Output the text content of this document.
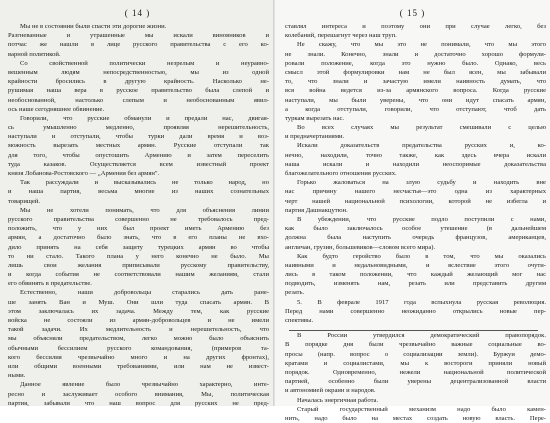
( 14 )
Мы не в состоянии были спасти эти дорогие жизни.
Разгневанные и утрашенные мы искали виновников и
потчас же нашли в лице русского правительства с его ко-
варной политикой.
Со свойственной политически незрелым и неуравно-
вешенным людям непосредственностью, мы из одной
крайности бросились в другую крайность. Насколько не-
рушимая наша вера в русское правительство была слепой и
необоснованной, настолько слепым и необоснованным явил-
ось наше сегодняшнее обвинение.
Говорили, что русские обманули и предали нас, двигая-
сь умышленно медленно, проявляя нерешительность,
наступали и отступали, чтобы турки дали время и воз-
можность вырезать местных армян. Русские отступали так
для того, чтобы опустошить Армению и затем переселить
туда казаков. Осуществляется всем известный проект
князя Лобанова-Ростовского — „Армения без армян".
Так рассуждали и высказывались не только народ, но
и наша партия, весьма многие из наших сознательных
товарищей.
Мы не хотели понимать, что для объяснения линии
русского правительства совершенно не требовалось пред-
положить, что у них был проект иметь Армению без
армян, а достаточно было знать, что в его планы не вхо-
дило принять на себя защиту турецких армян во чтобы
то ни стало. Такого плана у него конечно не было. Мы
лишь свои желания приписывали русскому правительству,
и когда события не соответствовали нашим желаниям, стали
его обвинять в предательстве.
Естественно, наши добровольцы старались дать ране-
ше занять Ван и Муш. Они шли туда спасать армян. В
этом заключалась их задача. Между тем, как русские
войска не состояли из армян-добровольцев и не имели
такой задачи. Их медлительность и нерешительность, что
мы объясняли предательством, легко можно было объяснить
обычными бессилием русского командования, (примеров та-
кого бессилия чрезвычайно много и на других фронтах),
или общими военными требованиями, или нам не извест-
ными.
Данное явление было чрезвычайно характерно, инте-
ресно и заслуживает особого внимания, Мы, политическая
партия, забывали что наш вопрос для русских не пред-
( 15 )
ставлял интереса и поэтому они при случае легко, без
колебаний, перешагнут через наш труп.
Не скажу, что мы это не понимали, что мы этого
не знали. Конечно, знали и достаточно хорошо формули-
ровали положение, когда это нужно было. Однако, весь
смысл этой формулировки нам не был ясен, мы забывали
то, что знали и зачастую имели наивность думать, что
вся война ведется из-за армянского вопроса. Когда русские
наступали, мы были уверены, что они идут спасать армян,
а когда отступали, говорили, что отступают, чтоб дать
туркам вырезать нас.
Во всех случаях мы результат смешивали с целью
и предначертаниями.
Искали доказательств предательства русских и, ко-
нечно, находили, точно также, как здесь вчера искали
наша искали и находили неоспоримые доказательства
благожелательного отношения русских.
Горько жаловаться на злую судьбу и находить вне
нас причину нашего несчастья—это одна из характерных
черт нашей национальной психологии, которой не избегла и
партия Дашнакцутюн.
В убеждении, что русские подло поступили с нами,
как было заключалось особое утешение (в дальнейшем
должна была наступить очередь французов, американцев,
англичан, грузин, большевиков—словом всего мира).
Как будто геройство было в том, что мы оказались
наивными и недальновидными, и вслествие этого очути-
лись в таком положении, что каждый желающий мог нас
подводить, изменять нам, резать или представить другим
резать.
5. В феврале 1917 года вспыхнула русская революция.
Перед нами совершенно неожиданно открылись новые пер-
спективы.
В России утвердился демократический правопорядок.
В порядке дня были чрезвычайно важные социальные во-
просы (напр. вопрос о социализации земли). Буржуи демо-
кратами и социалистами, мы к востороги приняли новый
порядок. Одновременно, нежели национальной политической
партией, особенно были уверены децентрализованной власти
и автономией окраин и народов.
Началась энергичная работа.
Старый государственный механизм надо было камен-
нить, надо было на местах создать новую власть. Пере-
